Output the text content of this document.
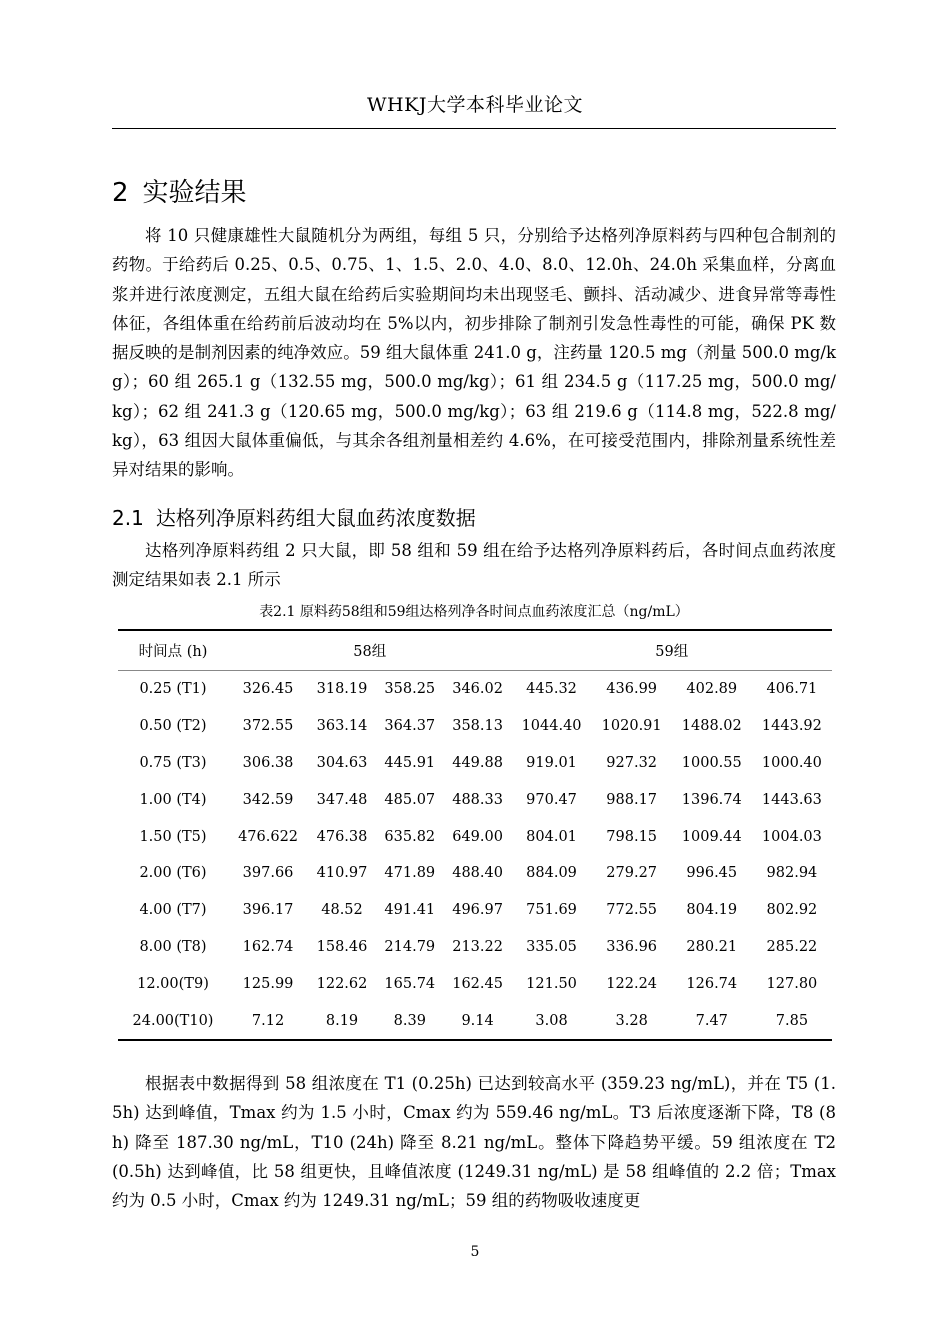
WHKJ大学本科毕业论文
2 实验结果

将 10 只健康雄性大鼠随机分为两组，每组 5 只，分别给予达格列净原料药与四种包合制剂的药物。于给药后 0.25、0.5、0.75、1、1.5、2.0、4.0、8.0、12.0h、24.0h 采集血样，分离血浆并进行浓度测定，五组大鼠在给药后实验期间均未出现竖毛、颤抖、活动减少、进食异常等毒性体征，各组体重在给药前后波动均在 5%以内，初步排除了制剂引发急性毒性的可能，确保 PK 数据反映的是制剂因素的纯净效应。59 组大鼠体重 241.0 g，注药量 120.5 mg（剂量 500.0 mg/kg）；60 组 265.1 g（132.55 mg，500.0 mg/kg）；61 组 234.5 g（117.25 mg，500.0 mg/kg）；62 组 241.3 g（120.65 mg，500.0 mg/kg）；63 组 219.6 g（114.8 mg，522.8 mg/kg），63 组因大鼠体重偏低，与其余各组剂量相差约 4.6%，在可接受范围内，排除剂量系统性差异对结果的影响。

2.1 达格列净原料药组大鼠血药浓度数据

达格列净原料药组 2 只大鼠，即 58 组和 59 组在给予达格列净原料药后，各时间点血药浓度测定结果如表 2.1 所示

表2.1 原料药58组和59组达格列净各时间点血药浓度汇总（ng/mL）
时间点 (h)	58组				59组			
0.25 (T1)	326.45	318.19	358.25	346.02	445.32	436.99	402.89	406.71
0.50 (T2)	372.55	363.14	364.37	358.13	1044.40	1020.91	1488.02	1443.92
0.75 (T3)	306.38	304.63	445.91	449.88	919.01	927.32	1000.55	1000.40
1.00 (T4)	342.59	347.48	485.07	488.33	970.47	988.17	1396.74	1443.63
1.50 (T5)	476.622	476.38	635.82	649.00	804.01	798.15	1009.44	1004.03
2.00 (T6)	397.66	410.97	471.89	488.40	884.09	279.27	996.45	982.94
4.00 (T7)	396.17	48.52	491.41	496.97	751.69	772.55	804.19	802.92
8.00 (T8)	162.74	158.46	214.79	213.22	335.05	336.96	280.21	285.22
12.00(T9)	125.99	122.62	165.74	162.45	121.50	122.24	126.74	127.80
24.00(T10)	7.12	8.19	8.39	9.14	3.08	3.28	7.47	7.85

根据表中数据得到 58 组浓度在 T1 (0.25h) 已达到较高水平 (359.23 ng/mL)，并在 T5 (1.5h) 达到峰值，Tmax 约为 1.5 小时，Cmax 约为 559.46 ng/mL。T3 后浓度逐渐下降，T8 (8h) 降至 187.30 ng/mL，T10 (24h) 降至 8.21 ng/mL。整体下降趋势平缓。59 组浓度在 T2 (0.5h) 达到峰值，比 58 组更快，且峰值浓度 (1249.31 ng/mL) 是 58 组峰值的 2.2 倍；Tmax 约为 0.5 小时，Cmax 约为 1249.31 ng/mL；59 组的药物吸收速度更

5
